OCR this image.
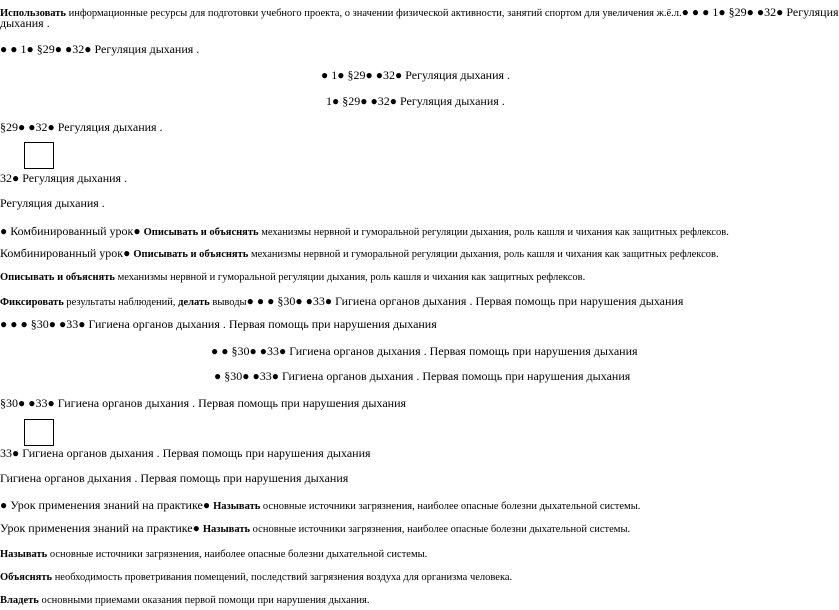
Использовать информационные ресурсы для подготовки учебного проекта, о значении физической активности, занятий спортом для увеличения ж.ё.л.● ● ● 1● §29● ●32● Регуляция
дыхания .
● ● 1● §29● ●32● Регуляция дыхания .
● 1● §29● ●32● Регуляция дыхания .
1● §29● ●32● Регуляция дыхания .
§29● ●32● Регуляция дыхания .
32● Регуляция дыхания .
Регуляция дыхания .
● Комбинированный урок● Описывать и объяснять механизмы нервной и гуморальной регуляции дыхания, роль кашля и чихания как защитных рефлексов.
Комбинированный урок● Описывать и объяснять механизмы нервной и гуморальной регуляции дыхания, роль кашля и чихания как защитных рефлексов.
Описывать и объяснять механизмы нервной и гуморальной регуляции дыхания, роль кашля и чихания как защитных рефлексов.
Фиксировать результаты наблюдений, делать выводы● ● ● §30● ●33● Гигиена органов дыхания . Первая помощь при нарушения дыхания
● ● ● §30● ●33● Гигиена органов дыхания . Первая помощь при нарушения дыхания
● ● §30● ●33● Гигиена органов дыхания . Первая помощь при нарушения дыхания
● §30● ●33● Гигиена органов дыхания . Первая помощь при нарушения дыхания
§30● ●33● Гигиена органов дыхания . Первая помощь при нарушения дыхания
33● Гигиена органов дыхания . Первая помощь при нарушения дыхания
Гигиена органов дыхания . Первая помощь при нарушения дыхания
● Урок применения знаний на практике● Называть основные источники загрязнения, наиболее опасные болезни дыхательной системы.
Урок применения знаний на практике● Называть основные источники загрязнения, наиболее опасные болезни дыхательной системы.
Называть основные источники загрязнения, наиболее опасные болезни дыхательной системы.
Объяснять необходимость проветривания помещений, последствий загрязнения воздуха для организма человека.
Владеть основными приемами оказания первой помощи при нарушения дыхания.
